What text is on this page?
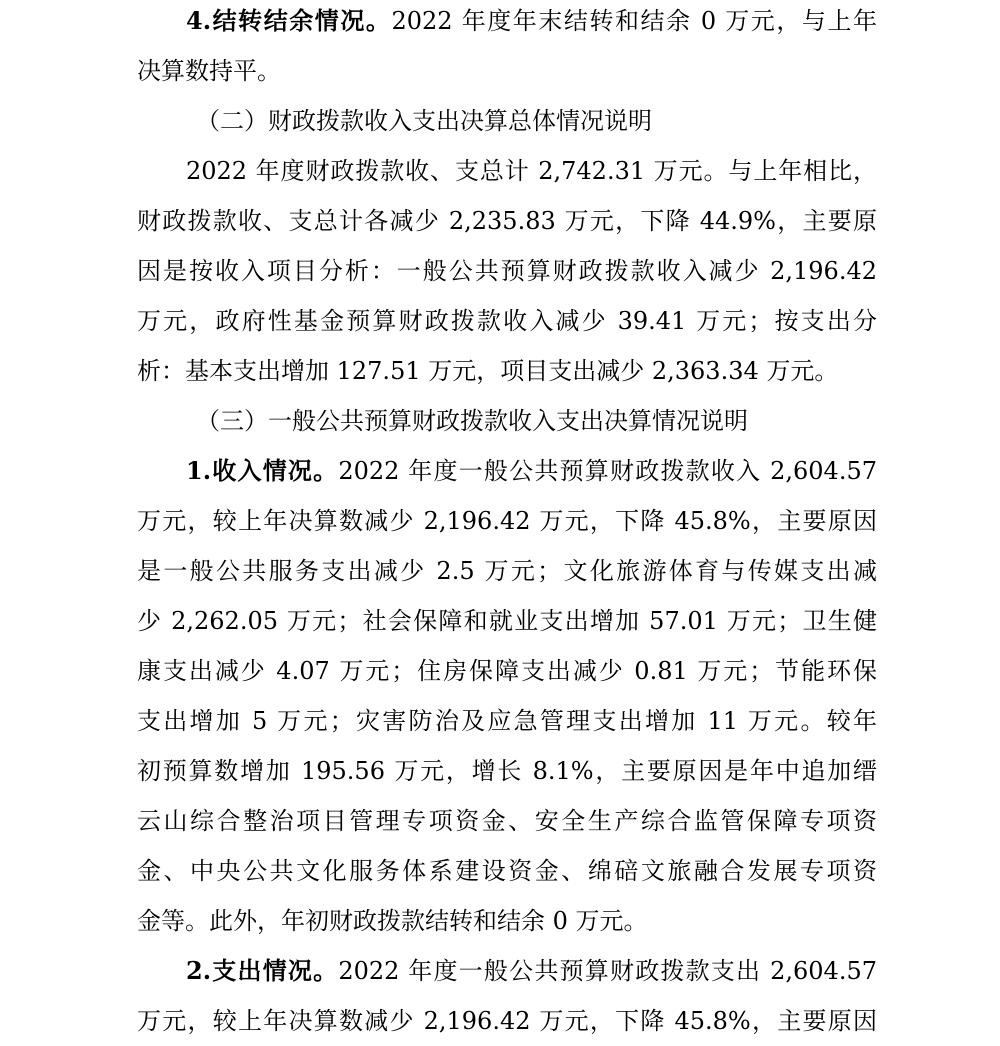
4.结转结余情况。2022 年度年末结转和结余 0 万元，与上年
决算数持平。
（二）财政拨款收入支出决算总体情况说明
2022 年度财政拨款收、支总计 2,742.31 万元。与上年相比，
财政拨款收、支总计各减少 2,235.83 万元，下降 44.9%，主要原
因是按收入项目分析：一般公共预算财政拨款收入减少 2,196.42
万元，政府性基金预算财政拨款收入减少 39.41 万元；按支出分
析：基本支出增加 127.51 万元，项目支出减少 2,363.34 万元。
（三）一般公共预算财政拨款收入支出决算情况说明
1.收入情况。2022 年度一般公共预算财政拨款收入 2,604.57
万元，较上年决算数减少 2,196.42 万元，下降 45.8%，主要原因
是一般公共服务支出减少 2.5 万元；文化旅游体育与传媒支出减
少 2,262.05 万元；社会保障和就业支出增加 57.01 万元；卫生健
康支出减少 4.07 万元；住房保障支出减少 0.81 万元；节能环保
支出增加 5 万元；灾害防治及应急管理支出增加 11 万元。较年
初预算数增加 195.56 万元，增长 8.1%，主要原因是年中追加缙
云山综合整治项目管理专项资金、安全生产综合监管保障专项资
金、中央公共文化服务体系建设资金、绵碚文旅融合发展专项资
金等。此外，年初财政拨款结转和结余 0 万元。
2.支出情况。2022 年度一般公共预算财政拨款支出 2,604.57
万元，较上年决算数减少 2,196.42 万元，下降 45.8%，主要原因
